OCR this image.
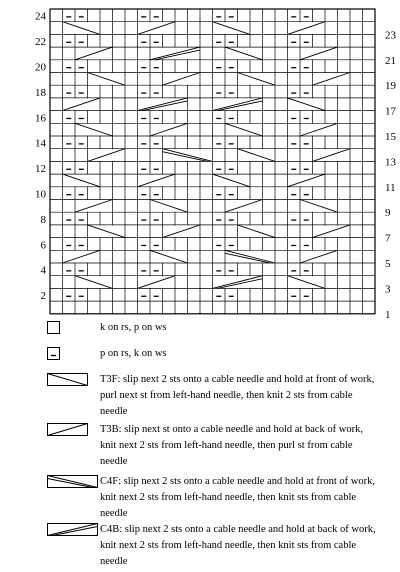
2
4
6
8
10
12
14
16
18
20
22
24
1
3
5
7
9
11
13
15
17
19
21
23
k on rs, p on ws
p on rs, k on ws
T3F: slip next 2 sts onto a cable needle and hold at front of work, purl next st from left-hand needle, then knit 2 sts from cable needle
T3B: slip next st onto a cable needle and hold at back of work, knit next 2 sts from left-hand needle, then purl st from cable needle
C4F: slip next 2 sts onto a cable needle and hold at front of work, knit next 2 sts from left-hand needle, then knit sts from cable needle
C4B: slip next 2 sts onto a cable needle and hold at back of work, knit next 2 sts from left-hand needle, then knit sts from cable needle
